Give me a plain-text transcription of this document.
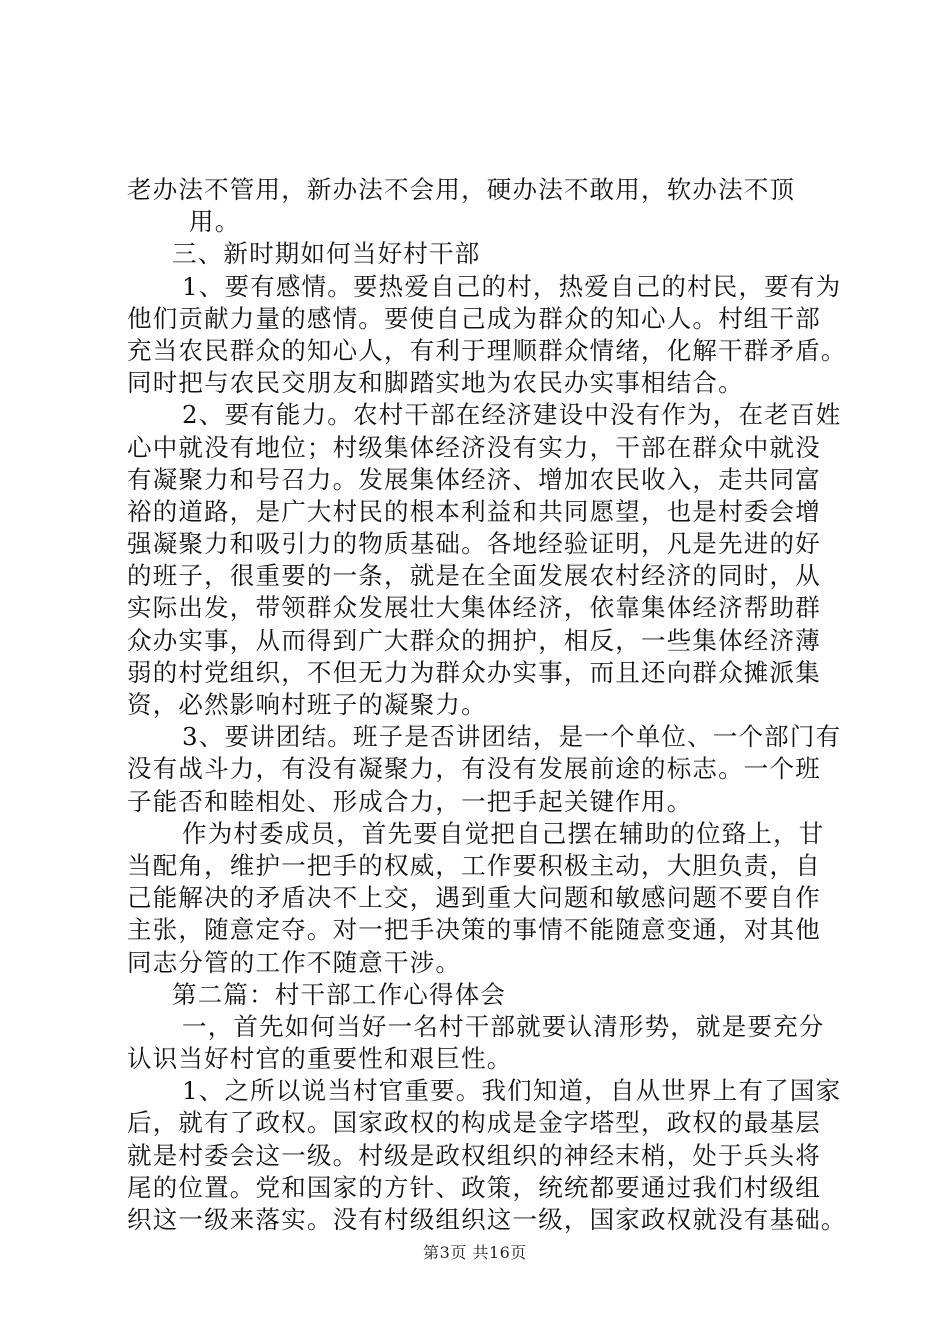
老办法不管用，新办法不会用，硬办法不敢用，软办法不顶
用。
三、新时期如何当好村干部
1、要有感情。要热爱自己的村，热爱自己的村民，要有为
他们贡献力量的感情。要使自己成为群众的知心人。村组干部
充当农民群众的知心人，有利于理顺群众情绪，化解干群矛盾。
同时把与农民交朋友和脚踏实地为农民办实事相结合。
2、要有能力。农村干部在经济建设中没有作为，在老百姓
心中就没有地位；村级集体经济没有实力，干部在群众中就没
有凝聚力和号召力。发展集体经济、增加农民收入，走共同富
裕的道路，是广大村民的根本利益和共同愿望，也是村委会增
强凝聚力和吸引力的物质基础。各地经验证明，凡是先进的好
的班子，很重要的一条，就是在全面发展农村经济的同时，从
实际出发，带领群众发展壮大集体经济，依靠集体经济帮助群
众办实事，从而得到广大群众的拥护，相反，一些集体经济薄
弱的村党组织，不但无力为群众办实事，而且还向群众摊派集
资，必然影响村班子的凝聚力。
3、要讲团结。班子是否讲团结，是一个单位、一个部门有
没有战斗力，有没有凝聚力，有没有发展前途的标志。一个班
子能否和睦相处、形成合力，一把手起关键作用。
作为村委成员，首先要自觉把自己摆在辅助的位臵上，甘
当配角，维护一把手的权威，工作要积极主动，大胆负责，自
己能解决的矛盾决不上交，遇到重大问题和敏感问题不要自作
主张，随意定夺。对一把手决策的事情不能随意变通，对其他
同志分管的工作不随意干涉。
第二篇：村干部工作心得体会
一，首先如何当好一名村干部就要认清形势，就是要充分
认识当好村官的重要性和艰巨性。
1、之所以说当村官重要。我们知道，自从世界上有了国家
后，就有了政权。国家政权的构成是金字塔型，政权的最基层
就是村委会这一级。村级是政权组织的神经末梢，处于兵头将
尾的位置。党和国家的方针、政策，统统都要通过我们村级组
织这一级来落实。没有村级组织这一级，国家政权就没有基础。
第3页 共16页
